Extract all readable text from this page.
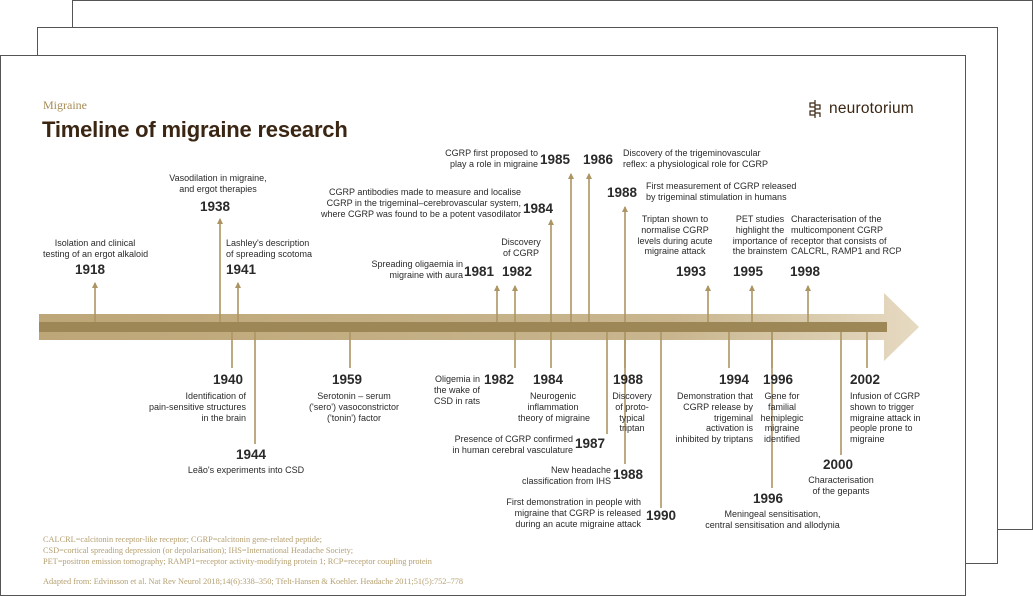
Migraine
Timeline of migraine research
neurotorium
Isolation and clinical
testing of an ergot alkaloid
1918
Vasodilation in migraine,
and ergot therapies
1938
Lashley's description
of spreading scotoma
1941	Spreading oligaemia in
migraine with aura 1981
Discovery
of CGRP
1982
CGRP antibodies made to measure and localise
CGRP in the trigeminal–cerebrovascular system,
where CGRP was found to be a potent vasodilator 1984
CGRP first proposed to
play a role in migraine 1985	Discovery of the trigeminovascular
reflex: a physiological role for CGRP
1986
First measurement of CGRP released
by trigeminal stimulation in humans
1988
Triptan shown to
normalise CGRP
levels during acute
migraine attack
1993
PET studies
highlight the
importance of
the brainstem
1995
Characterisation of the
multicomponent CGRP
receptor that consists of
CALCRL, RAMP1 and RCP
1998
1940
Identification of
pain-sensitive structures
in the brain
1944
Leão's experiments into CSD
1959
Serotonin – serum
('sero') vasoconstrictor
('tonin') factor
1982
Oligemia in
the wake of
CSD in rats
1984
Neurogenic
inflammation
theory of migraine
1987
Presence of CGRP confirmed
in human cerebral vasculature
1988
Discovery
of proto-
typical
triptan
1988
New headache
classification from IHS
1990
First demonstration in people with
migraine that CGRP is released
during an acute migraine attack
1994
Demonstration that
CGRP release by
trigeminal
activation is
inhibited by triptans
1996
Gene for
familial
hemiplegic
migraine
identified
1996
Meningeal sensitisation,
central sensitisation and allodynia
2000
Characterisation
of the gepants
2002
Infusion of CGRP
shown to trigger
migraine attack in
people prone to
migraine
CALCRL=calcitonin receptor-like receptor; CGRP=calcitonin gene-related peptide;
CSD=cortical spreading depression (or depolarisation); IHS=International Headache Society;
PET=positron emission tomography; RAMP1=receptor activity-modifying protein 1; RCP=receptor coupling protein
Adapted from: Edvinsson et al. Nat Rev Neurol 2018;14(6):338–350; Tfelt-Hansen & Koehler. Headache 2011;51(5):752–778
